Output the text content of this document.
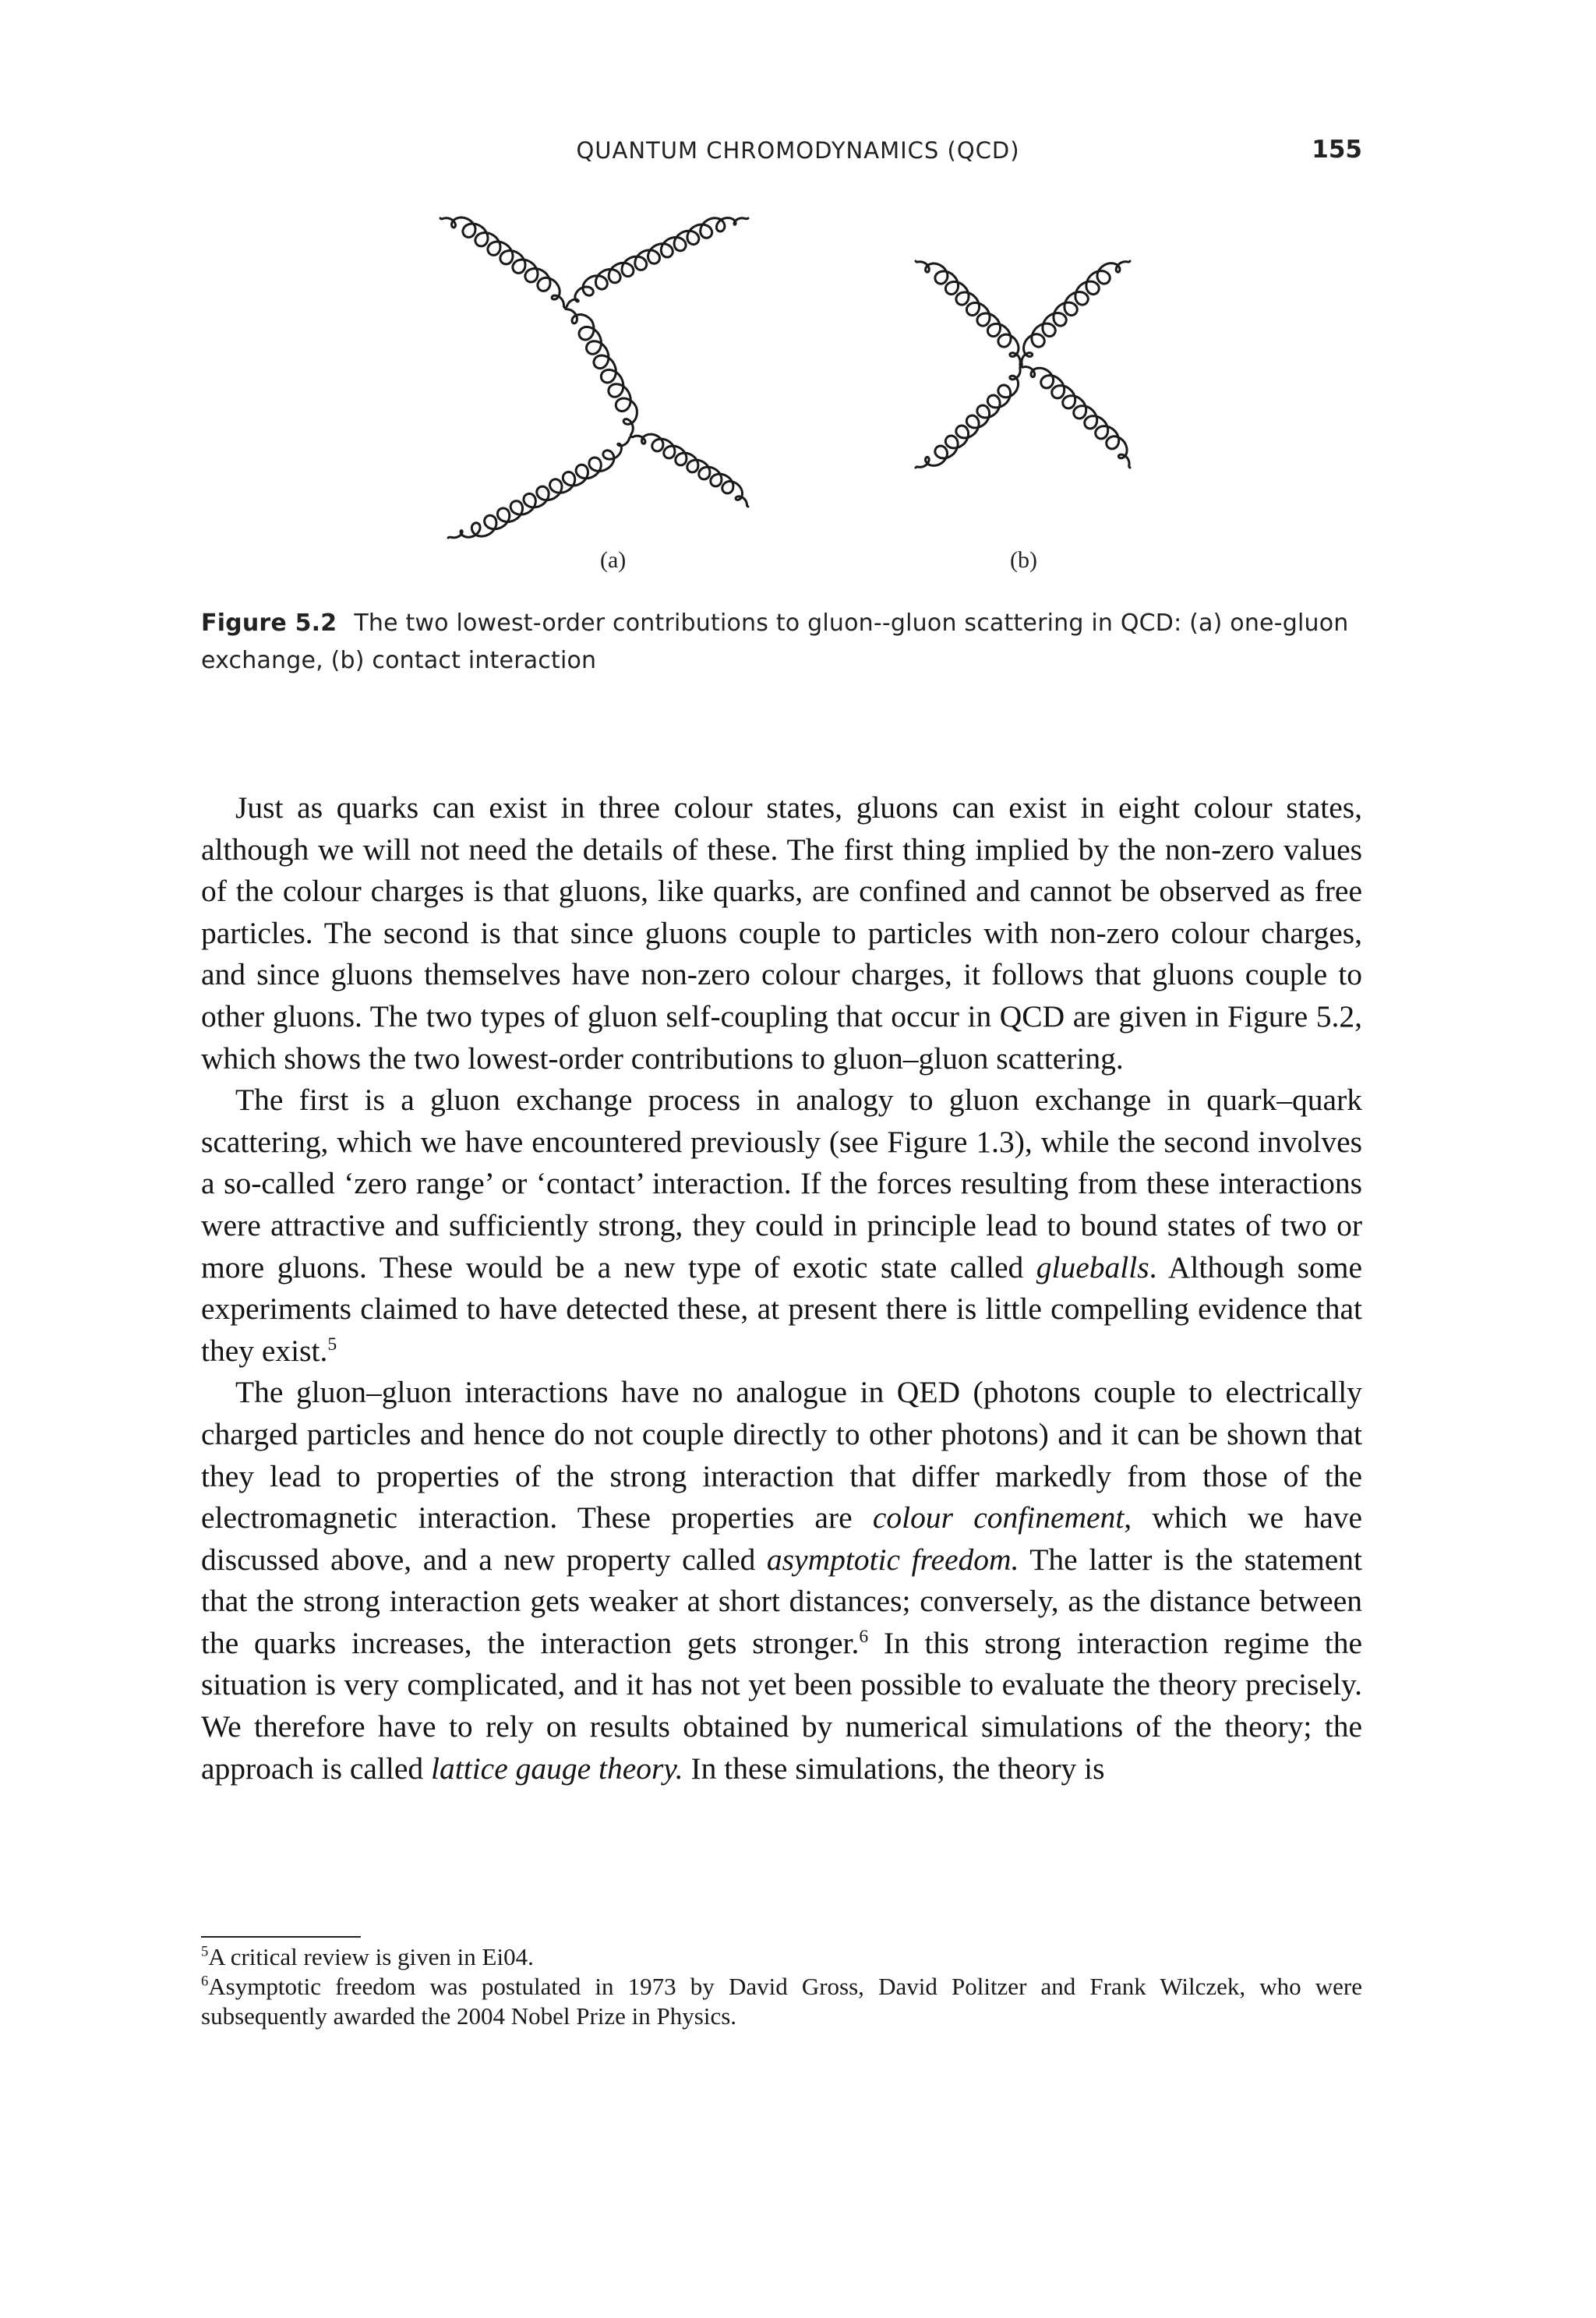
QUANTUM CHROMODYNAMICS (QCD)	155
(a)	(b)
Figure 5.2 The two lowest-order contributions to gluon--gluon scattering in QCD: (a) one-gluon exchange, (b) contact interaction

Just as quarks can exist in three colour states, gluons can exist in eight colour states, although we will not need the details of these. The first thing implied by the non-zero values of the colour charges is that gluons, like quarks, are confined and cannot be observed as free particles. The second is that since gluons couple to particles with non-zero colour charges, and since gluons themselves have non-zero colour charges, it follows that gluons couple to other gluons. The two types of gluon self-coupling that occur in QCD are given in Figure 5.2, which shows the two lowest-order contributions to gluon–gluon scattering.

The first is a gluon exchange process in analogy to gluon exchange in quark–quark scattering, which we have encountered previously (see Figure 1.3), while the second involves a so-called ‘zero range’ or ‘contact’ interaction. If the forces resulting from these interactions were attractive and sufficiently strong, they could in principle lead to bound states of two or more gluons. These would be a new type of exotic state called glueballs. Although some experiments claimed to have detected these, at present there is little compelling evidence that they exist.$^5$

The gluon–gluon interactions have no analogue in QED (photons couple to electrically charged particles and hence do not couple directly to other photons) and it can be shown that they lead to properties of the strong interaction that differ markedly from those of the electromagnetic interaction. These properties are colour confinement, which we have discussed above, and a new property called asymptotic freedom. The latter is the statement that the strong interaction gets weaker at short distances; conversely, as the distance between the quarks increases, the interaction gets stronger.$^6$ In this strong interaction regime the situation is very complicated, and it has not yet been possible to evaluate the theory precisely. We therefore have to rely on results obtained by numerical simulations of the theory; the approach is called lattice gauge theory. In these simulations, the theory is

$^5$A critical review is given in Ei04.

$^6$Asymptotic freedom was postulated in 1973 by David Gross, David Politzer and Frank Wilczek, who were subsequently awarded the 2004 Nobel Prize in Physics.
